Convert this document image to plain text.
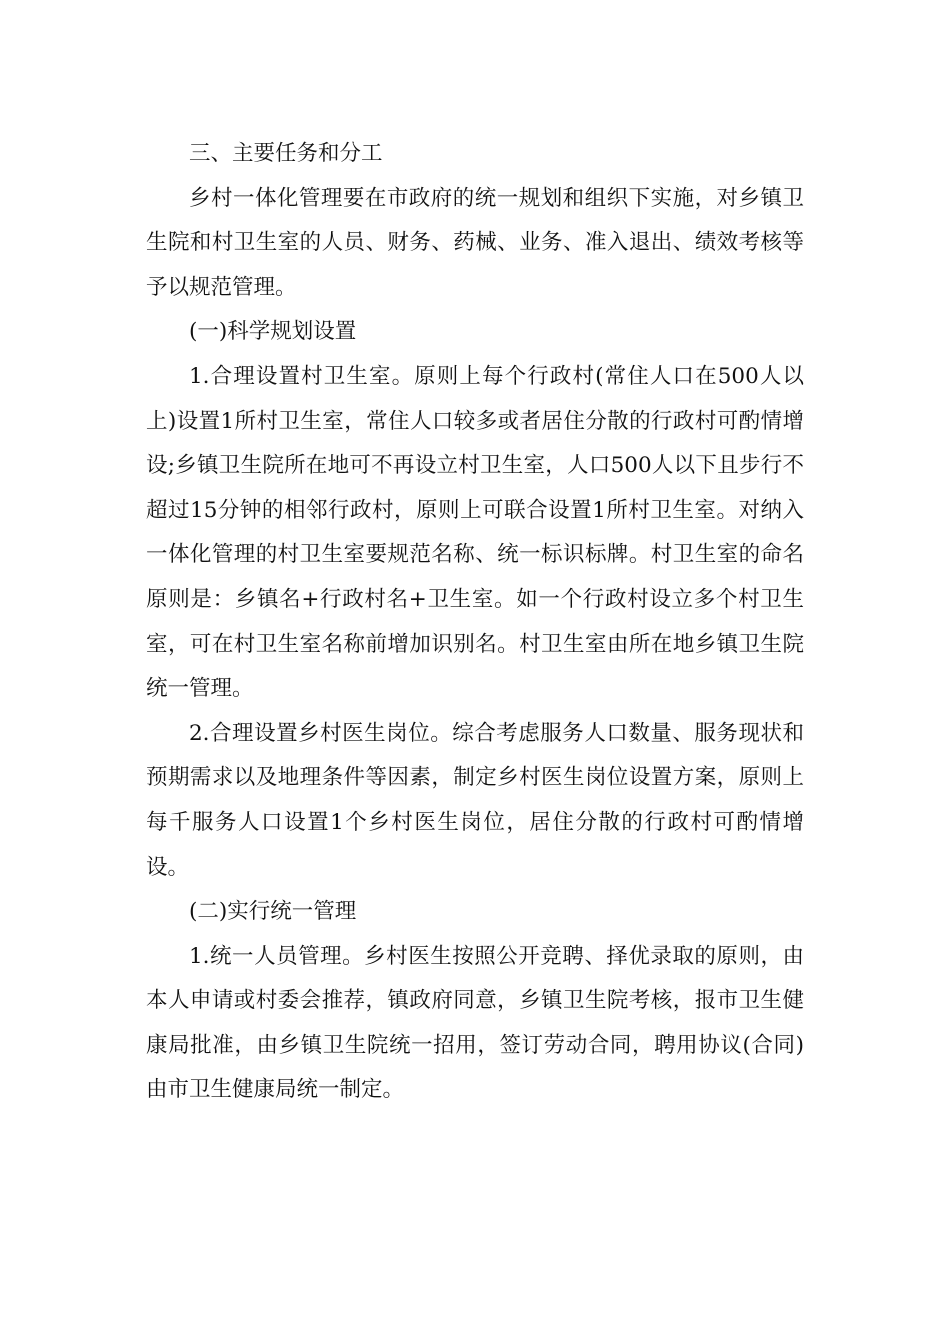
三、主要任务和分工

乡村一体化管理要在市政府的统一规划和组织下实施，对乡镇卫生院和村卫生室的人员、财务、药械、业务、准入退出、绩效考核等予以规范管理。

(一)科学规划设置

1.合理设置村卫生室。原则上每个行政村(常住人口在500人以上)设置1所村卫生室，常住人口较多或者居住分散的行政村可酌情增设;乡镇卫生院所在地可不再设立村卫生室，人口500人以下且步行不超过15分钟的相邻行政村，原则上可联合设置1所村卫生室。对纳入一体化管理的村卫生室要规范名称、统一标识标牌。村卫生室的命名原则是：乡镇名+行政村名+卫生室。如一个行政村设立多个村卫生室，可在村卫生室名称前增加识别名。村卫生室由所在地乡镇卫生院统一管理。

2.合理设置乡村医生岗位。综合考虑服务人口数量、服务现状和预期需求以及地理条件等因素，制定乡村医生岗位设置方案，原则上每千服务人口设置1个乡村医生岗位，居住分散的行政村可酌情增设。

(二)实行统一管理

1.统一人员管理。乡村医生按照公开竞聘、择优录取的原则，由本人申请或村委会推荐，镇政府同意，乡镇卫生院考核，报市卫生健康局批准，由乡镇卫生院统一招用，签订劳动合同，聘用协议(合同)由市卫生健康局统一制定。
